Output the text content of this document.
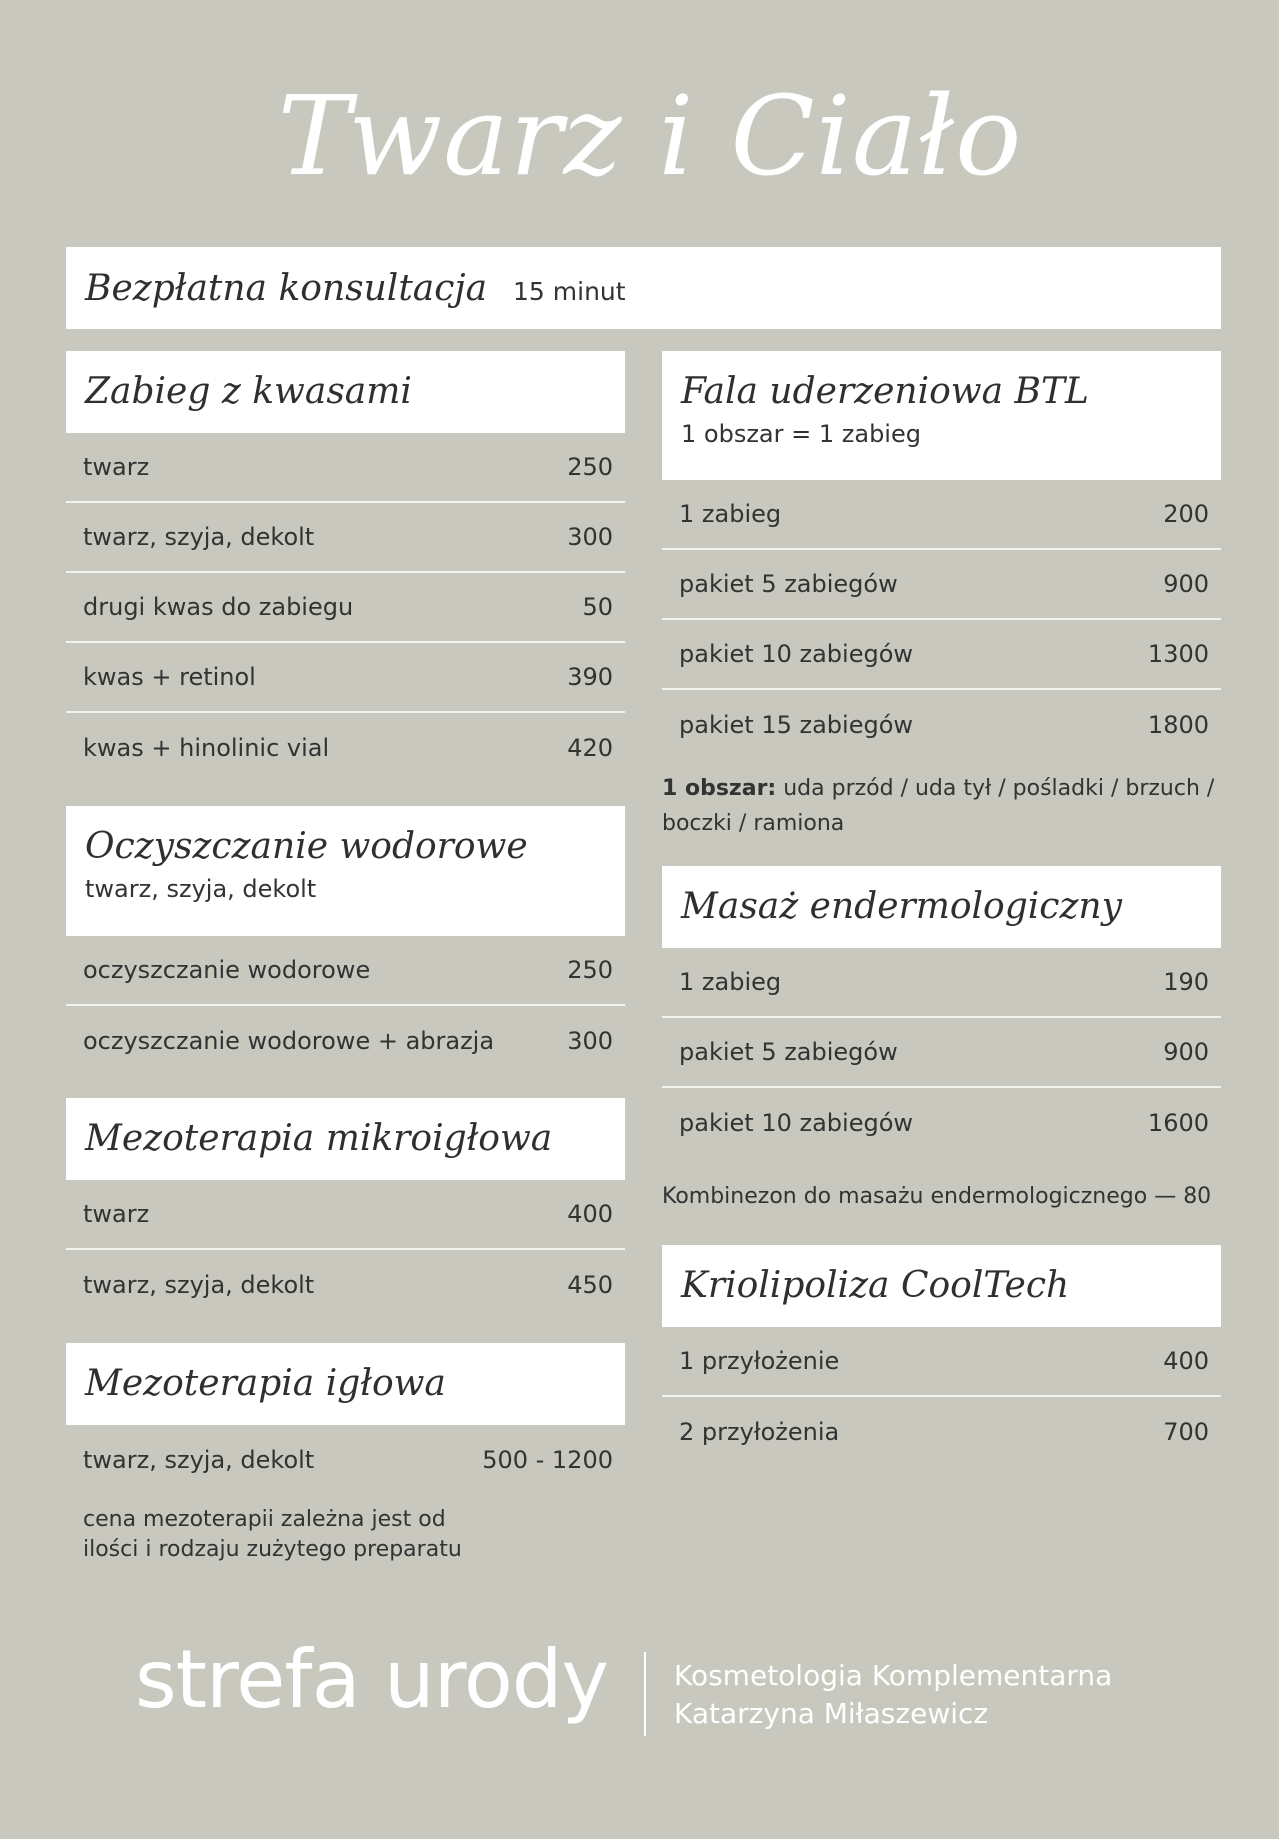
Twarz i Ciało
Bezpłatna konsultacja 15 minut
Zabieg z kwasami
twarz	250
twarz, szyja, dekolt	300
drugi kwas do zabiegu	50
kwas + retinol	390
kwas + hinolinic vial	420
Oczyszczanie wodorowe
twarz, szyja, dekolt
oczyszczanie wodorowe	250
oczyszczanie wodorowe + abrazja	300
Mezoterapia mikroigłowa
twarz	400
twarz, szyja, dekolt	450
Mezoterapia igłowa
twarz, szyja, dekolt	500 - 1200
cena mezoterapii zależna jest od
ilości i rodzaju zużytego preparatu
Fala uderzeniowa BTL
1 obszar = 1 zabieg
1 zabieg	200
pakiet 5 zabiegów	900
pakiet 10 zabiegów	1300
pakiet 15 zabiegów	1800
1 obszar: uda przód / uda tył / pośladki / brzuch /
boczki / ramiona
Masaż endermologiczny
1 zabieg	190
pakiet 5 zabiegów	900
pakiet 10 zabiegów	1600
Kombinezon do masażu endermologicznego — 80
Kriolipoliza CoolTech
1 przyłożenie	400
2 przyłożenia	700
strefa urody Kosmetologia Komplementarna
Katarzyna Miłaszewicz
